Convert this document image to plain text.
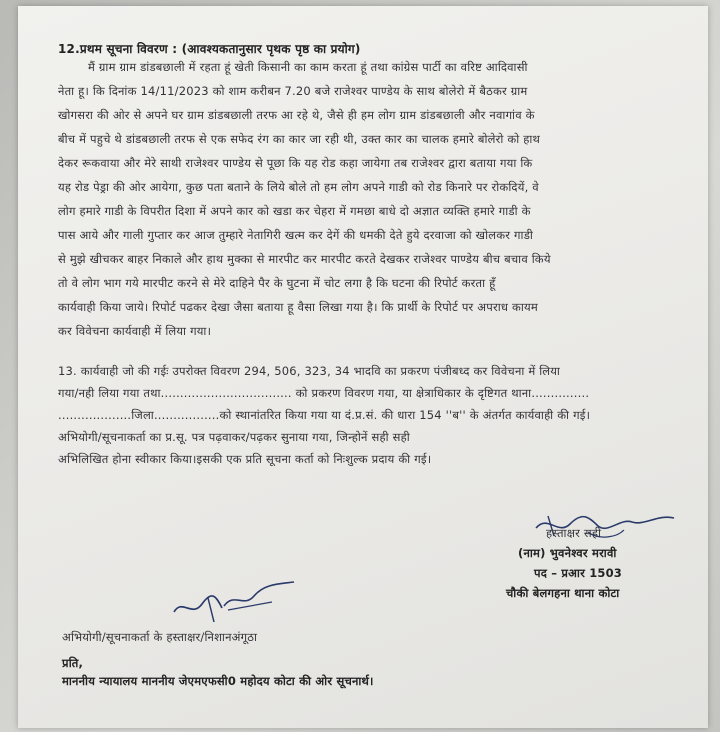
12.प्रथम सूचना विवरण : (आवश्यकतानुसार पृथक पृष्ठ का प्रयोग)
मैं ग्राम ग्राम डांडबछाली में रहता हूं खेती किसानी का काम करता हूं तथा कांग्रेस पार्टी का वरिष्ट आदिवासी
नेता हू। कि दिनांक 14/11/2023 को शाम करीबन 7.20 बजे राजेश्वर पाण्डेय के साथ बोलेरो में बैठकर ग्राम
खोगसरा की ओर से अपने घर ग्राम डांडबछाली तरफ आ रहे थे, जैसे ही हम लोग ग्राम डांडबछाली और नवागांव के
बीच में पहुचे थे डांडबछाली तरफ से एक सफेद रंग का कार जा रही थी, उक्त कार का चालक हमारे बोलेरो को हाथ
देकर रूकवाया और मेरे साथी राजेश्वर पाण्डेय से पूछा कि यह रोड कहा जायेगा तब राजेश्वर द्वारा बताया गया कि
यह रोड पेड्रा की ओर आयेगा, कुछ पता बताने के लिये बोले तो हम लोग अपने गाडी को रोड किनारे पर रोकदियें, वे
लोग हमारे गाडी के विपरीत दिशा में अपने कार को खडा कर चेहरा में गमछा बाधे दो अज्ञात व्यक्ति हमारे गाडी के
पास आये और गाली गुप्तार कर आज तुम्हारे नेतागिरी खत्म कर देगें की धमकी देते हुये दरवाजा को खोलकर गाडी
से मुझे खीचकर बाहर निकाले और हाथ मुक्का से मारपीट कर मारपीट करते देखकर राजेश्वर पाण्डेय बीच बचाव किये
तो वे लोग भाग गये मारपीट करने से मेरे दाहिने पैर के घुटना में चोट लगा है कि घटना की रिपोर्ट करता हूँ
कार्यवाही किया जाये। रिपोर्ट पढकर देखा जैसा बताया हू वैसा लिखा गया है। कि प्रार्थी के रिपोर्ट पर अपराध कायम
कर विवेचना कार्यवाही में लिया गया।
13. कार्यवाही जो की गईः उपरोक्त विवरण 294, 506, 323, 34 भादवि का प्रकरण पंजीबध्द कर विवेचना में लिया
गया/नही लिया गया तथा.................................. को प्रकरण विवरण गया, या क्षेत्राधिकार के दृष्टिगत थाना...............
...................जिला.................को स्थानांतरित किया गया या दं.प्र.सं. की धारा 154 ''ब'' के अंतर्गत कार्यवाही की गई।
अभियोगी/सूचनाकर्ता का प्र.सू. पत्र पढ़वाकर/पढ़कर सुनाया गया, जिन्होनें सही सही
अभिलिखित होना स्वीकार किया।इसकी एक प्रति सूचना कर्ता को निःशुल्क प्रदाय की गई।
हस्ताक्षर सही
(नाम) भुवनेश्वर मरावी
पद – प्रआर 1503
चौकी बेलगहना थाना कोटा
अभियोगी/सूचनाकर्ता के हस्ताक्षर/निशानअंगूठा
प्रति,
माननीय न्यायालय माननीय जेएमएफसी0 महोदय कोटा की ओर सूचनार्थ।
